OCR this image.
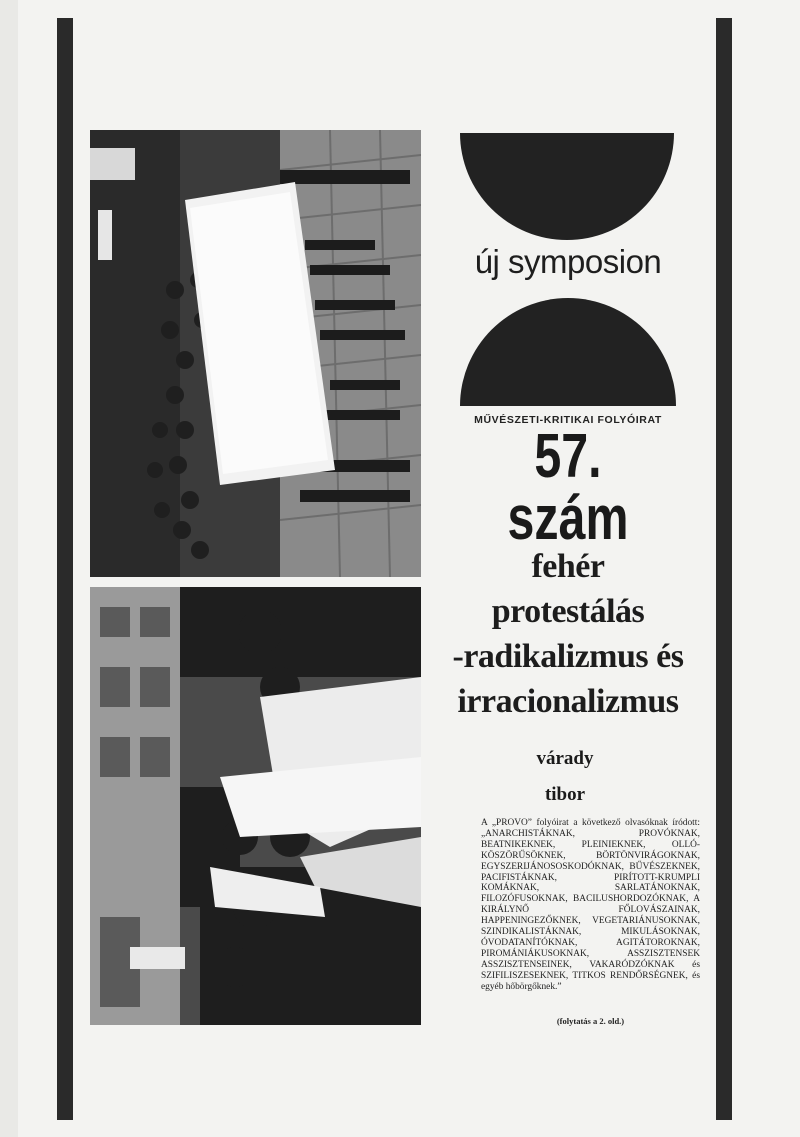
új symposion
MŰVÉSZETI-KRITIKAI FOLYÓIRAT
57. szám
fehér
protestálás
-radikalizmus és
irracionalizmus
várady
tibor
A „PROVO” folyóirat a következő olvasóknak íródott: „ANARCHISTÁKNAK, PROVÓKNAK, BEATNIKEKNEK, PLEINIEKNEK, OLLÓ-KÖSZÖRŰSÖKNEK, BÖRTÖNVIRÁGOKNAK, EGYSZERIJÁNOSOSKODÓKNAK, BŰVÉSZEKNEK, PACIFISTÁKNAK, PIRÍTOTT-KRUMPLI KOMÁKNAK, SARLATÁNOKNAK, FILOZÓFUSOKNAK, BACILUSHORDOZÓKNAK, A KIRÁLYNŐ FŐLOVÁSZAINAK, HAPPENINGEZŐKNEK, VEGETARIÁNUSOKNAK, SZINDIKALISTÁKNAK, MIKULÁSOKNAK, ÓVODATANÍTÓKNAK, AGITÁTOROKNAK, PIROMÁNIÁKUSOKNAK, ASSZISZTENSEK ASSZISZTENSEINEK, VAKARÓDZÓKNAK és SZIFILISZESEKNEK, TITKOS RENDŐRSÉGNEK, és egyéb hőbörgőknek.”
(folytatás a 2. old.)
